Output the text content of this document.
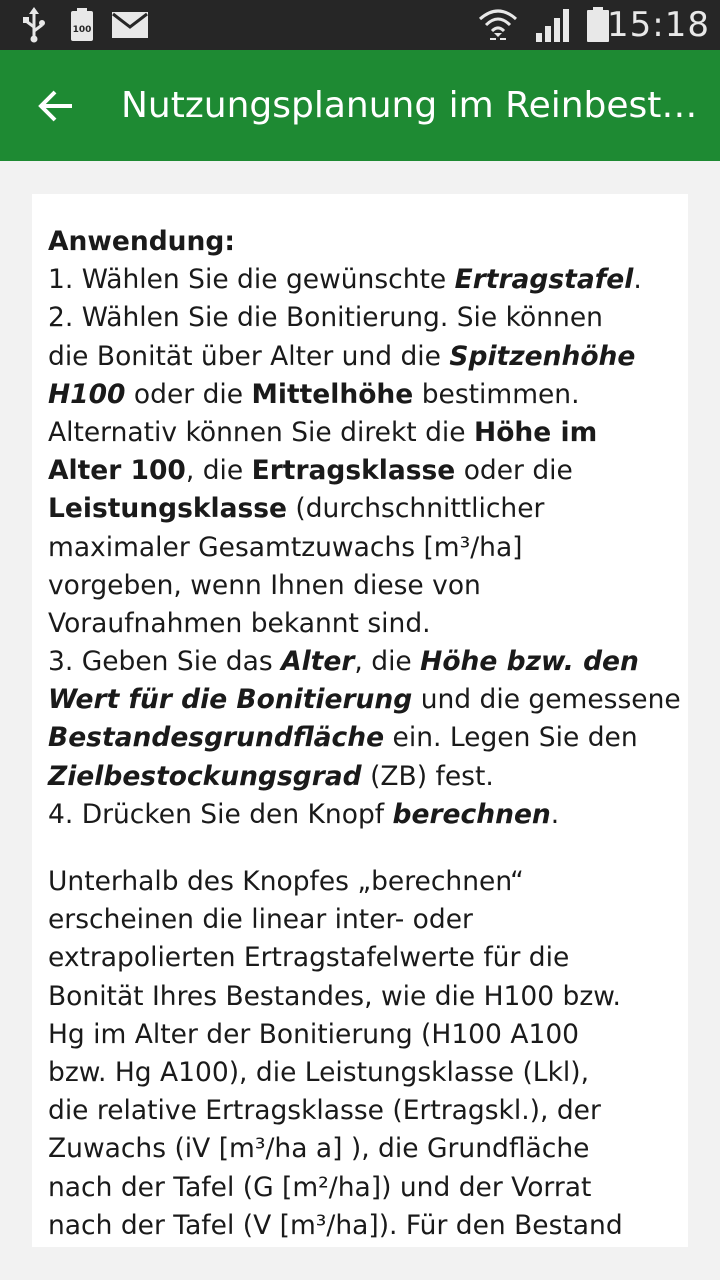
100	15:18
Nutzungsplanung im Reinbest…
Anwendung:
1. Wählen Sie die gewünschte Ertragstafel.
2. Wählen Sie die Bonitierung. Sie können
die Bonität über Alter und die Spitzenhöhe
H100 oder die Mittelhöhe bestimmen.
Alternativ können Sie direkt die Höhe im
Alter 100, die Ertragsklasse oder die
Leistungsklasse (durchschnittlicher
maximaler Gesamtzuwachs [m³/ha]
vorgeben, wenn Ihnen diese von
Voraufnahmen bekannt sind.
3. Geben Sie das Alter, die Höhe bzw. den
Wert für die Bonitierung und die gemessene
Bestandesgrundfläche ein. Legen Sie den
Zielbestockungsgrad (ZB) fest.
4. Drücken Sie den Knopf berechnen.
Unterhalb des Knopfes „berechnen“
erscheinen die linear inter- oder
extrapolierten Ertragstafelwerte für die
Bonität Ihres Bestandes, wie die H100 bzw.
Hg im Alter der Bonitierung (H100 A100
bzw. Hg A100), die Leistungsklasse (Lkl),
die relative Ertragsklasse (Ertragskl.), der
Zuwachs (iV [m³/ha a] ), die Grundfläche
nach der Tafel (G [m²/ha]) und der Vorrat
nach der Tafel (V [m³/ha]). Für den Bestand
